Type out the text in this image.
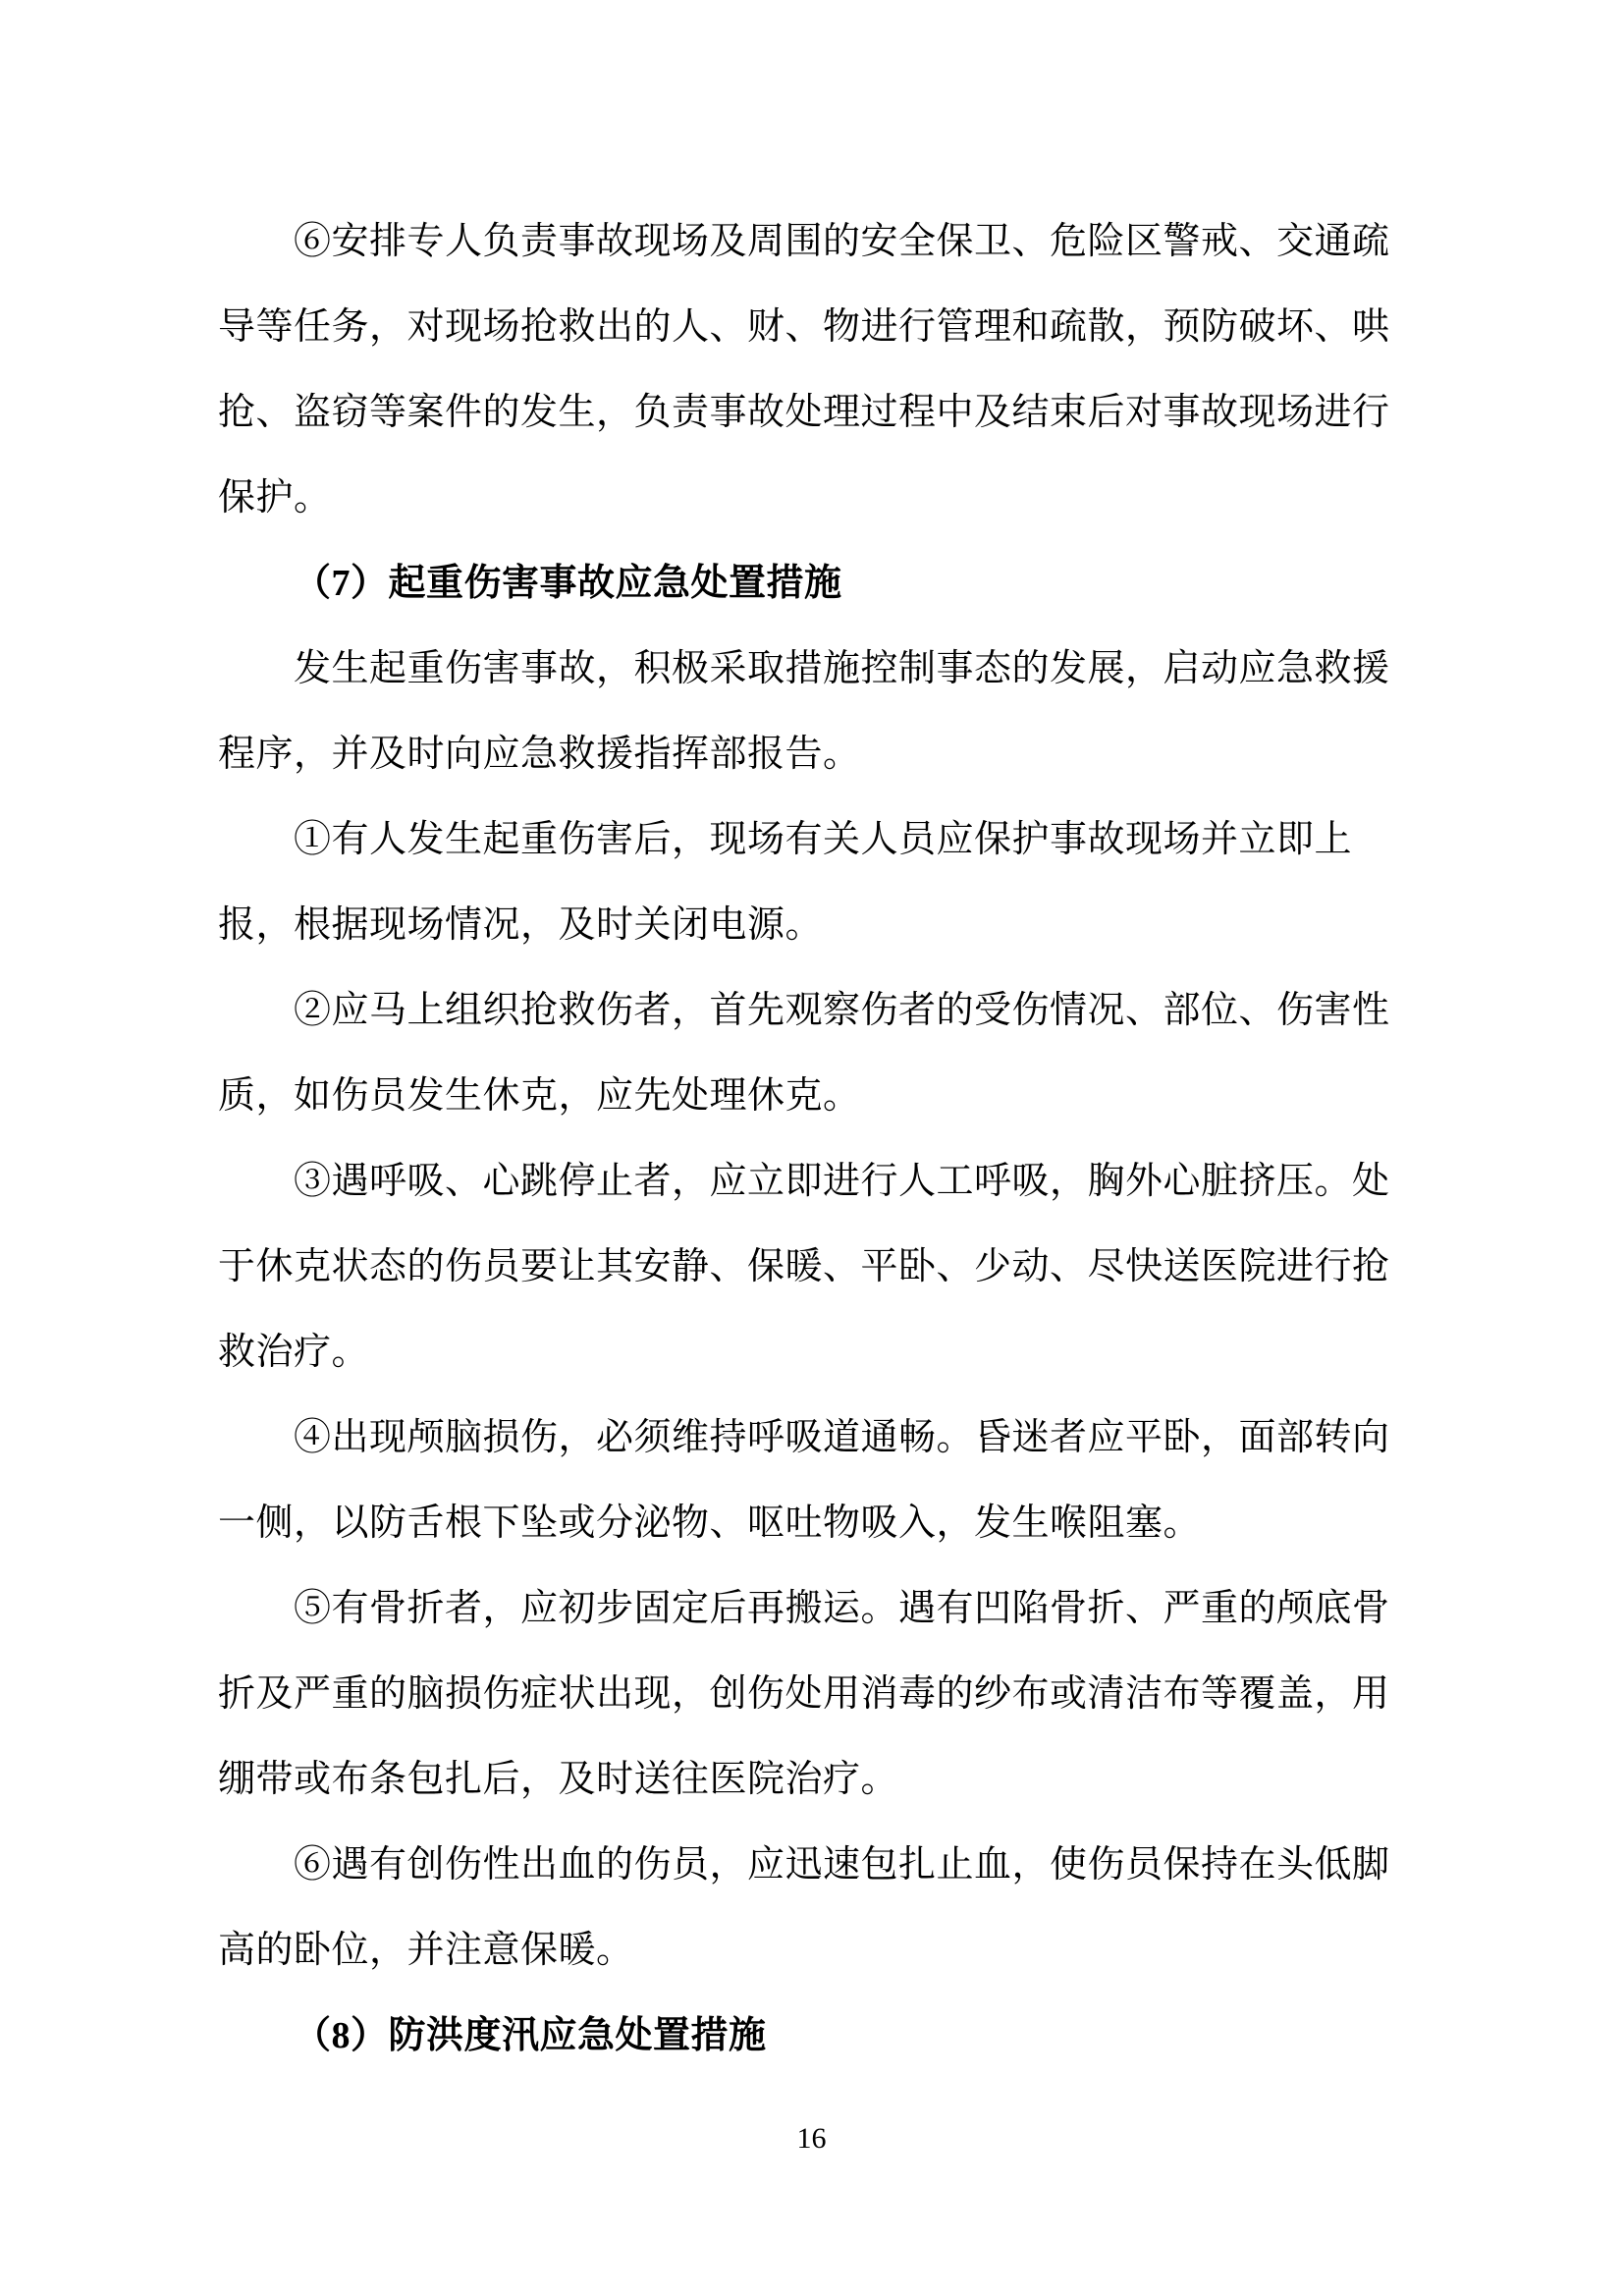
⑥安排专人负责事故现场及周围的安全保卫、危险区警戒、交通疏
导等任务，对现场抢救出的人、财、物进行管理和疏散，预防破坏、哄
抢、盗窃等案件的发生，负责事故处理过程中及结束后对事故现场进行
保护。
（7）起重伤害事故应急处置措施
发生起重伤害事故，积极采取措施控制事态的发展，启动应急救援
程序，并及时向应急救援指挥部报告。
①有人发生起重伤害后，现场有关人员应保护事故现场并立即上
报，根据现场情况，及时关闭电源。
②应马上组织抢救伤者，首先观察伤者的受伤情况、部位、伤害性
质，如伤员发生休克，应先处理休克。
③遇呼吸、心跳停止者，应立即进行人工呼吸，胸外心脏挤压。处
于休克状态的伤员要让其安静、保暖、平卧、少动、尽快送医院进行抢
救治疗。
④出现颅脑损伤，必须维持呼吸道通畅。昏迷者应平卧，面部转向
一侧，以防舌根下坠或分泌物、呕吐物吸入，发生喉阻塞。
⑤有骨折者，应初步固定后再搬运。遇有凹陷骨折、严重的颅底骨
折及严重的脑损伤症状出现，创伤处用消毒的纱布或清洁布等覆盖，用
绷带或布条包扎后，及时送往医院治疗。
⑥遇有创伤性出血的伤员，应迅速包扎止血，使伤员保持在头低脚
高的卧位，并注意保暖。
（8）防洪度汛应急处置措施
16
